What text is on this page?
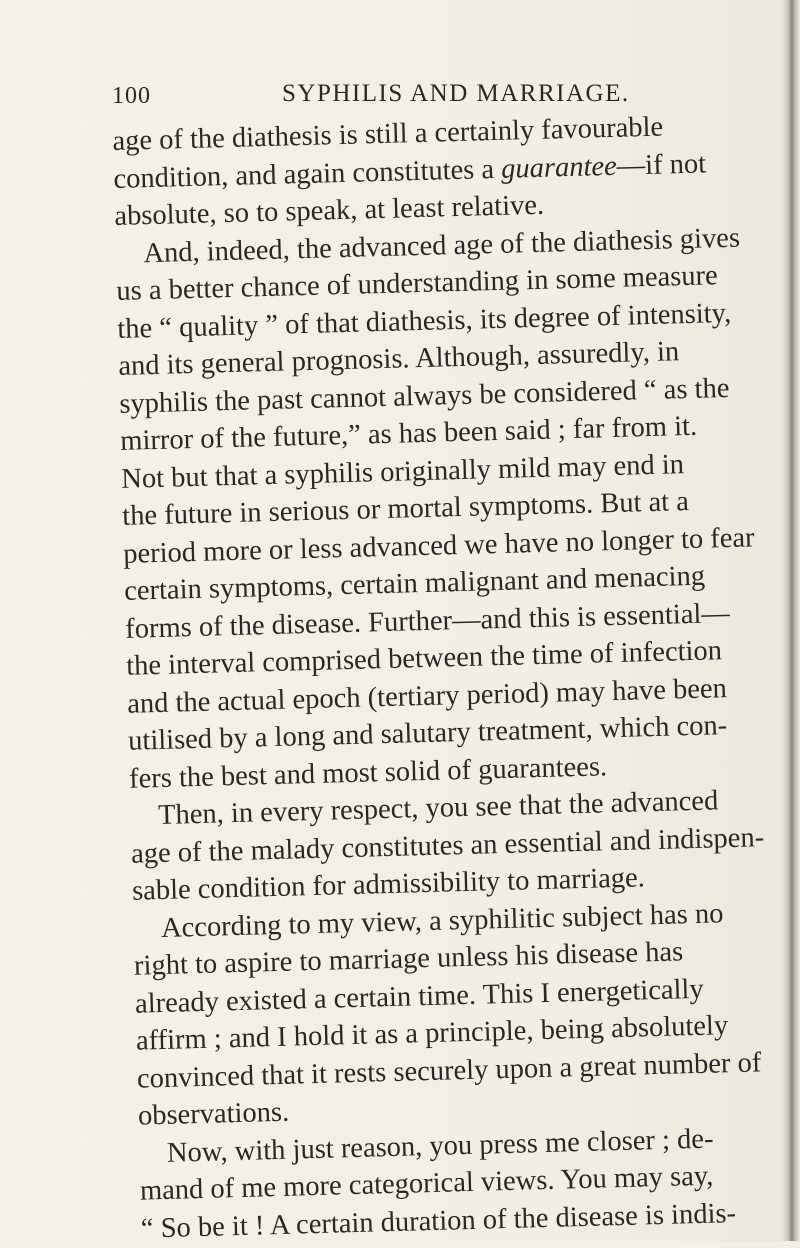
100	SYPHILIS AND MARRIAGE.
age of the diathesis is still a certainly favourable
condition, and again constitutes a guarantee—if not
absolute, so to speak, at least relative.
And, indeed, the advanced age of the diathesis gives
us a better chance of understanding in some measure
the “ quality ” of that diathesis, its degree of intensity,
and its general prognosis. Although, assuredly, in
syphilis the past cannot always be considered “ as the
mirror of the future,” as has been said ; far from it.
Not but that a syphilis originally mild may end in
the future in serious or mortal symptoms. But at a
period more or less advanced we have no longer to fear
certain symptoms, certain malignant and menacing
forms of the disease. Further—and this is essential—
the interval comprised between the time of infection
and the actual epoch (tertiary period) may have been
utilised by a long and salutary treatment, which con-
fers the best and most solid of guarantees.
Then, in every respect, you see that the advanced
age of the malady constitutes an essential and indispen-
sable condition for admissibility to marriage.
According to my view, a syphilitic subject has no
right to aspire to marriage unless his disease has
already existed a certain time. This I energetically
affirm ; and I hold it as a principle, being absolutely
convinced that it rests securely upon a great number of
observations.
Now, with just reason, you press me closer ; de-
mand of me more categorical views. You may say,
“ So be it ! A certain duration of the disease is indis-
